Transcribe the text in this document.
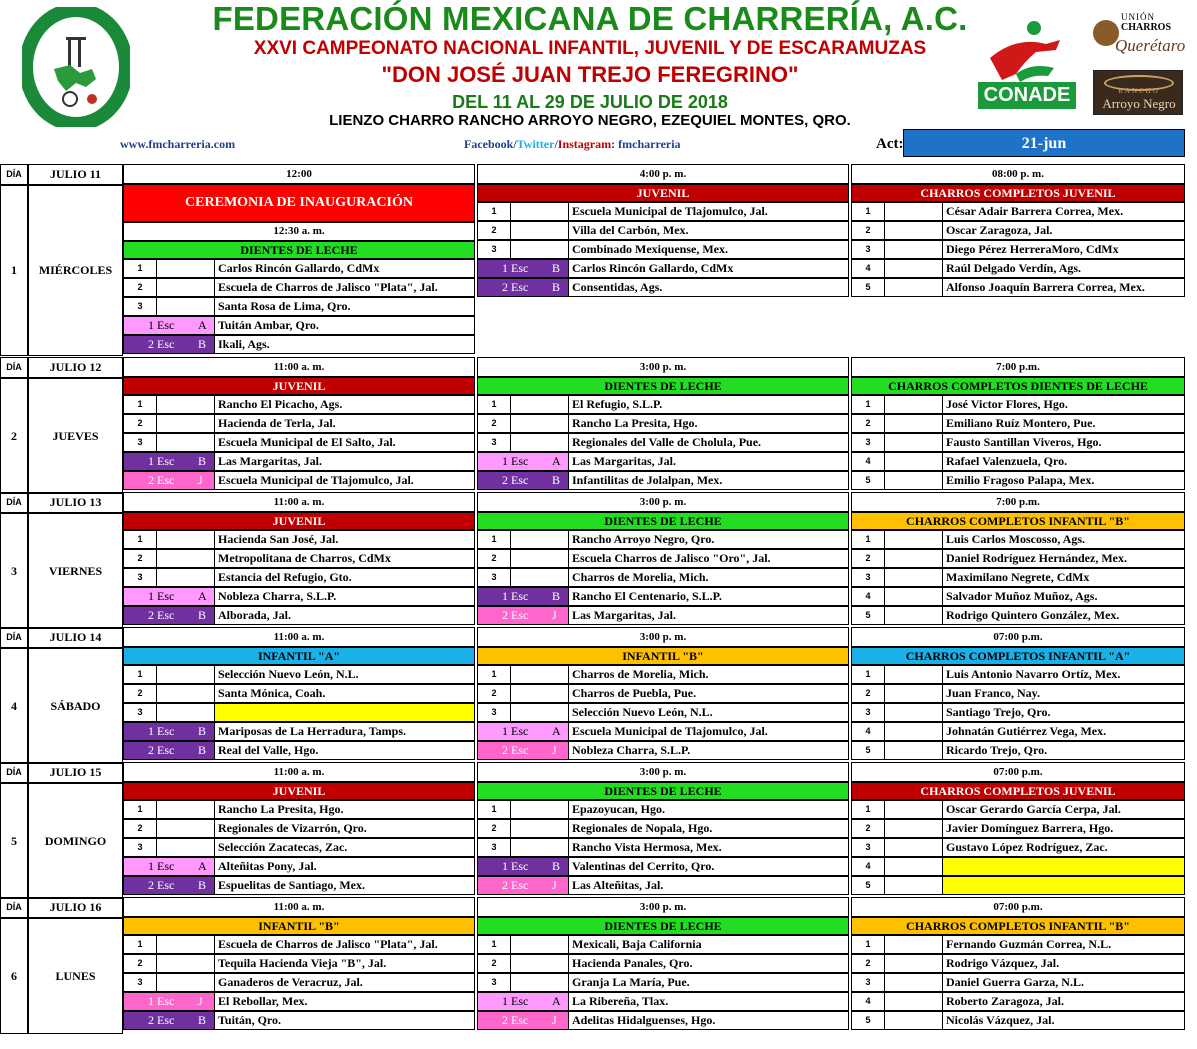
FEDERACIÓN MEXICANA DE CHARRERÍA, A.C.
XXVI CAMPEONATO NACIONAL INFANTIL, JUVENIL Y DE ESCARAMUZAS
"DON JOSÉ JUAN TREJO FEREGRINO"
DEL 11 AL 29 DE JULIO DE 2018
LIENZO CHARRO RANCHO ARROYO NEGRO, EZEQUIEL MONTES, QRO.
www.fmcharreria.com	Facebook/Twitter/Instagram: fmcharreria	Act:	21-jun
CONADE
UNIÓN
CHARROS
Querétaro
RANCHO
Arroyo Negro
DÍA	JULIO 11
1	MIÉRCOLES
12:00
CEREMONIA DE INAUGURACIÓN
12:30 a. m.
DIENTES DE LECHE
1	Carlos Rincón Gallardo, CdMx
2	Escuela de Charros de Jalisco "Plata", Jal.
3	Santa Rosa de Lima, Qro.
1 Esc A Tuitán Ambar, Qro.
2 Esc B Ikali, Ags.
4:00 p. m.
JUVENIL
1	Escuela Municipal de Tlajomulco, Jal.
2	Villa del Carbón, Mex.
3	Combinado Mexiquense, Mex.
1 Esc B Carlos Rincón Gallardo, CdMx
2 Esc B Consentidas, Ags.
08:00 p. m.
CHARROS COMPLETOS JUVENIL
1	César Adair Barrera Correa, Mex.
2	Oscar Zaragoza, Jal.
3	Diego Pérez HerreraMoro, CdMx
4	Raúl Delgado Verdín, Ags.
5	Alfonso Joaquín Barrera Correa, Mex.
DÍA	JULIO 12
2	JUEVES
11:00 a. m.
JUVENIL
1	Rancho El Picacho, Ags.
2	Hacienda de Terla, Jal.
3	Escuela Municipal de El Salto, Jal.
1 Esc B Las Margaritas, Jal.
2 Esc J Escuela Municipal de Tlajomulco, Jal.
3:00 p. m.
DIENTES DE LECHE
1	El Refugio, S.L.P.
2	Rancho La Presita, Hgo.
3	Regionales del Valle de Cholula, Pue.
1 Esc A Las Margaritas, Jal.
2 Esc B Infantilitas de Jolalpan, Mex.
7:00 p.m.
CHARROS COMPLETOS DIENTES DE LECHE
1	José Victor Flores, Hgo.
2	Emiliano Ruíz Montero, Pue.
3	Fausto Santillan Viveros, Hgo.
4	Rafael Valenzuela, Qro.
5	Emilio Fragoso Palapa, Mex.
DÍA	JULIO 13
3	VIERNES
11:00 a. m.
JUVENIL
1	Hacienda San José, Jal.
2	Metropolitana de Charros, CdMx
3	Estancia del Refugio, Gto.
1 Esc A Nobleza Charra, S.L.P.
2 Esc B Alborada, Jal.
3:00 p. m.
DIENTES DE LECHE
1	Rancho Arroyo Negro, Qro.
2	Escuela Charros de Jalisco "Oro", Jal.
3	Charros de Morelia, Mich.
1 Esc B Rancho El Centenario, S.L.P.
2 Esc J Las Margaritas, Jal.
7:00 p.m.
CHARROS COMPLETOS INFANTIL "B"
1	Luis Carlos Moscosso, Ags.
2	Daniel Rodríguez Hernández, Mex.
3	Maximilano Negrete, CdMx
4	Salvador Muñoz Muñoz, Ags.
5	Rodrigo Quintero González, Mex.
DÍA	JULIO 14
4	SÁBADO
11:00 a. m.
INFANTIL "A"
1	Selección Nuevo León, N.L.
2	Santa Mónica, Coah.
3
1 Esc B Mariposas de La Herradura, Tamps.
2 Esc B Real del Valle, Hgo.
3:00 p. m.
INFANTIL "B"
1	Charros de Morelia, Mich.
2	Charros de Puebla, Pue.
3	Selección Nuevo León, N.L.
1 Esc A Escuela Municipal de Tlajomulco, Jal.
2 Esc J Nobleza Charra, S.L.P.
07:00 p.m.
CHARROS COMPLETOS INFANTIL "A"
1	Luis Antonio Navarro Ortíz, Mex.
2	Juan Franco, Nay.
3	Santiago Trejo, Qro.
4	Johnatán Gutiérrez Vega, Mex.
5	Ricardo Trejo, Qro.
DÍA	JULIO 15
5	DOMINGO
11:00 a. m.
JUVENIL
1	Rancho La Presita, Hgo.
2	Regionales de Vizarrón, Qro.
3	Selección Zacatecas, Zac.
1 Esc A Alteñitas Pony, Jal.
2 Esc B Espuelitas de Santiago, Mex.
3:00 p. m.
DIENTES DE LECHE
1	Epazoyucan, Hgo.
2	Regionales de Nopala, Hgo.
3	Rancho Vista Hermosa, Mex.
1 Esc B Valentinas del Cerrito, Qro.
2 Esc J Las Alteñitas, Jal.
07:00 p.m.
CHARROS COMPLETOS JUVENIL
1	Oscar Gerardo García Cerpa, Jal.
2	Javier Domínguez Barrera, Hgo.
3	Gustavo López Rodríguez, Zac.
4
5
DÍA	JULIO 16
6	LUNES
11:00 a. m.
INFANTIL "B"
1	Escuela de Charros de Jalisco "Plata", Jal.
2	Tequila Hacienda Vieja "B", Jal.
3	Ganaderos de Veracruz, Jal.
1 Esc J El Rebollar, Mex.
2 Esc B Tuitán, Qro.
3:00 p. m.
DIENTES DE LECHE
1	Mexicali, Baja California
2	Hacienda Panales, Qro.
3	Granja La María, Pue.
1 Esc A La Ribereña, Tlax.
2 Esc J Adelitas Hidalguenses, Hgo.
07:00 p.m.
CHARROS COMPLETOS INFANTIL "B"
1	Fernando Guzmán Correa, N.L.
2	Rodrigo Vázquez, Jal.
3	Daniel Guerra Garza, N.L.
4	Roberto Zaragoza, Jal.
5	Nicolás Vázquez, Jal.
